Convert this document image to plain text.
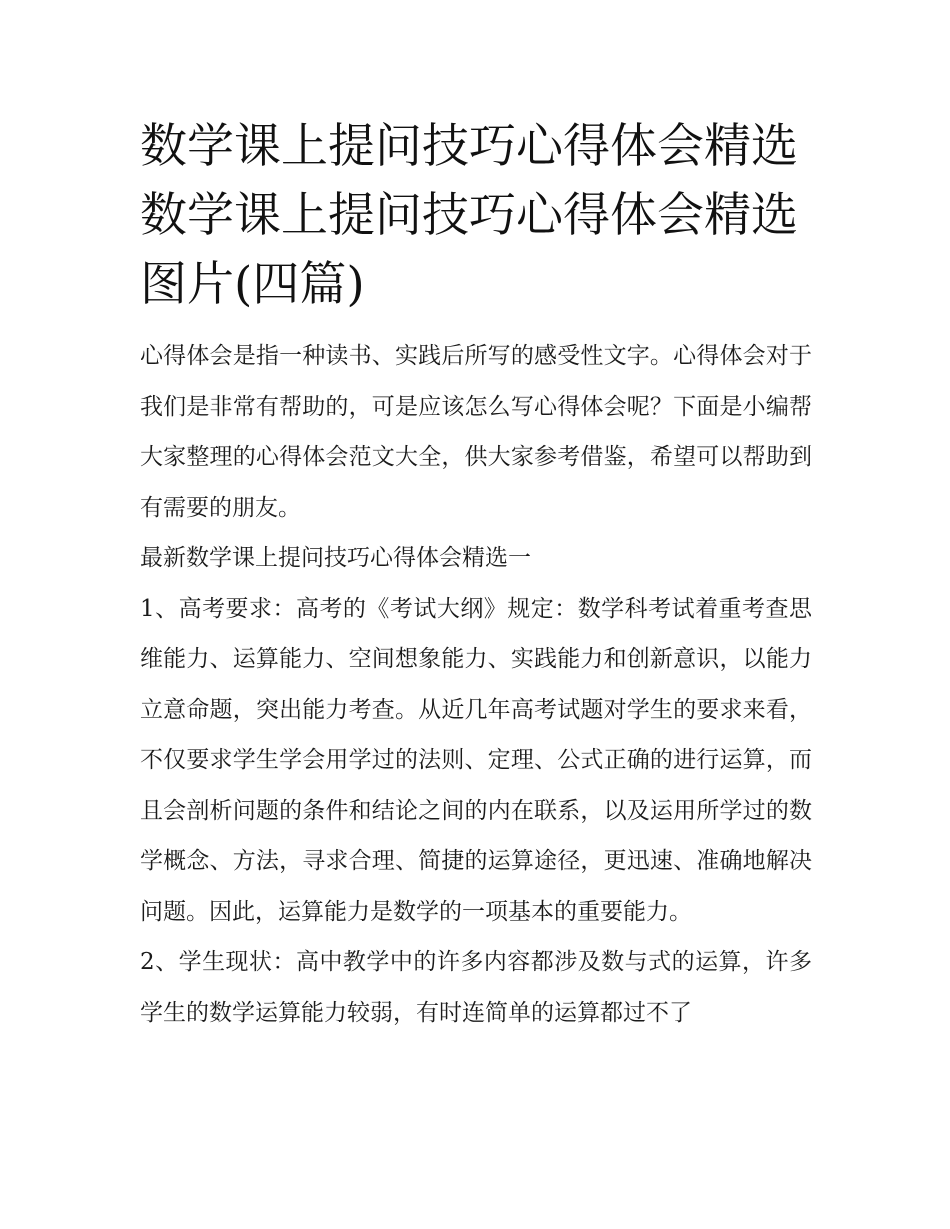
数学课上提问技巧心得体会精选 数学课上提问技巧心得体会精选图片(四篇)

心得体会是指一种读书、实践后所写的感受性文字。心得体会对于我们是非常有帮助的，可是应该怎么写心得体会呢？下面是小编帮大家整理的心得体会范文大全，供大家参考借鉴，希望可以帮助到有需要的朋友。

最新数学课上提问技巧心得体会精选一

1、高考要求：高考的《考试大纲》规定：数学科考试着重考查思维能力、运算能力、空间想象能力、实践能力和创新意识，以能力立意命题，突出能力考查。从近几年高考试题对学生的要求来看，不仅要求学生学会用学过的法则、定理、公式正确的进行运算，而且会剖析问题的条件和结论之间的内在联系，以及运用所学过的数学概念、方法，寻求合理、简捷的运算途径，更迅速、准确地解决问题。因此，运算能力是数学的一项基本的重要能力。

2、学生现状：高中教学中的许多内容都涉及数与式的运算，许多学生的数学运算能力较弱，有时连简单的运算都过不了
